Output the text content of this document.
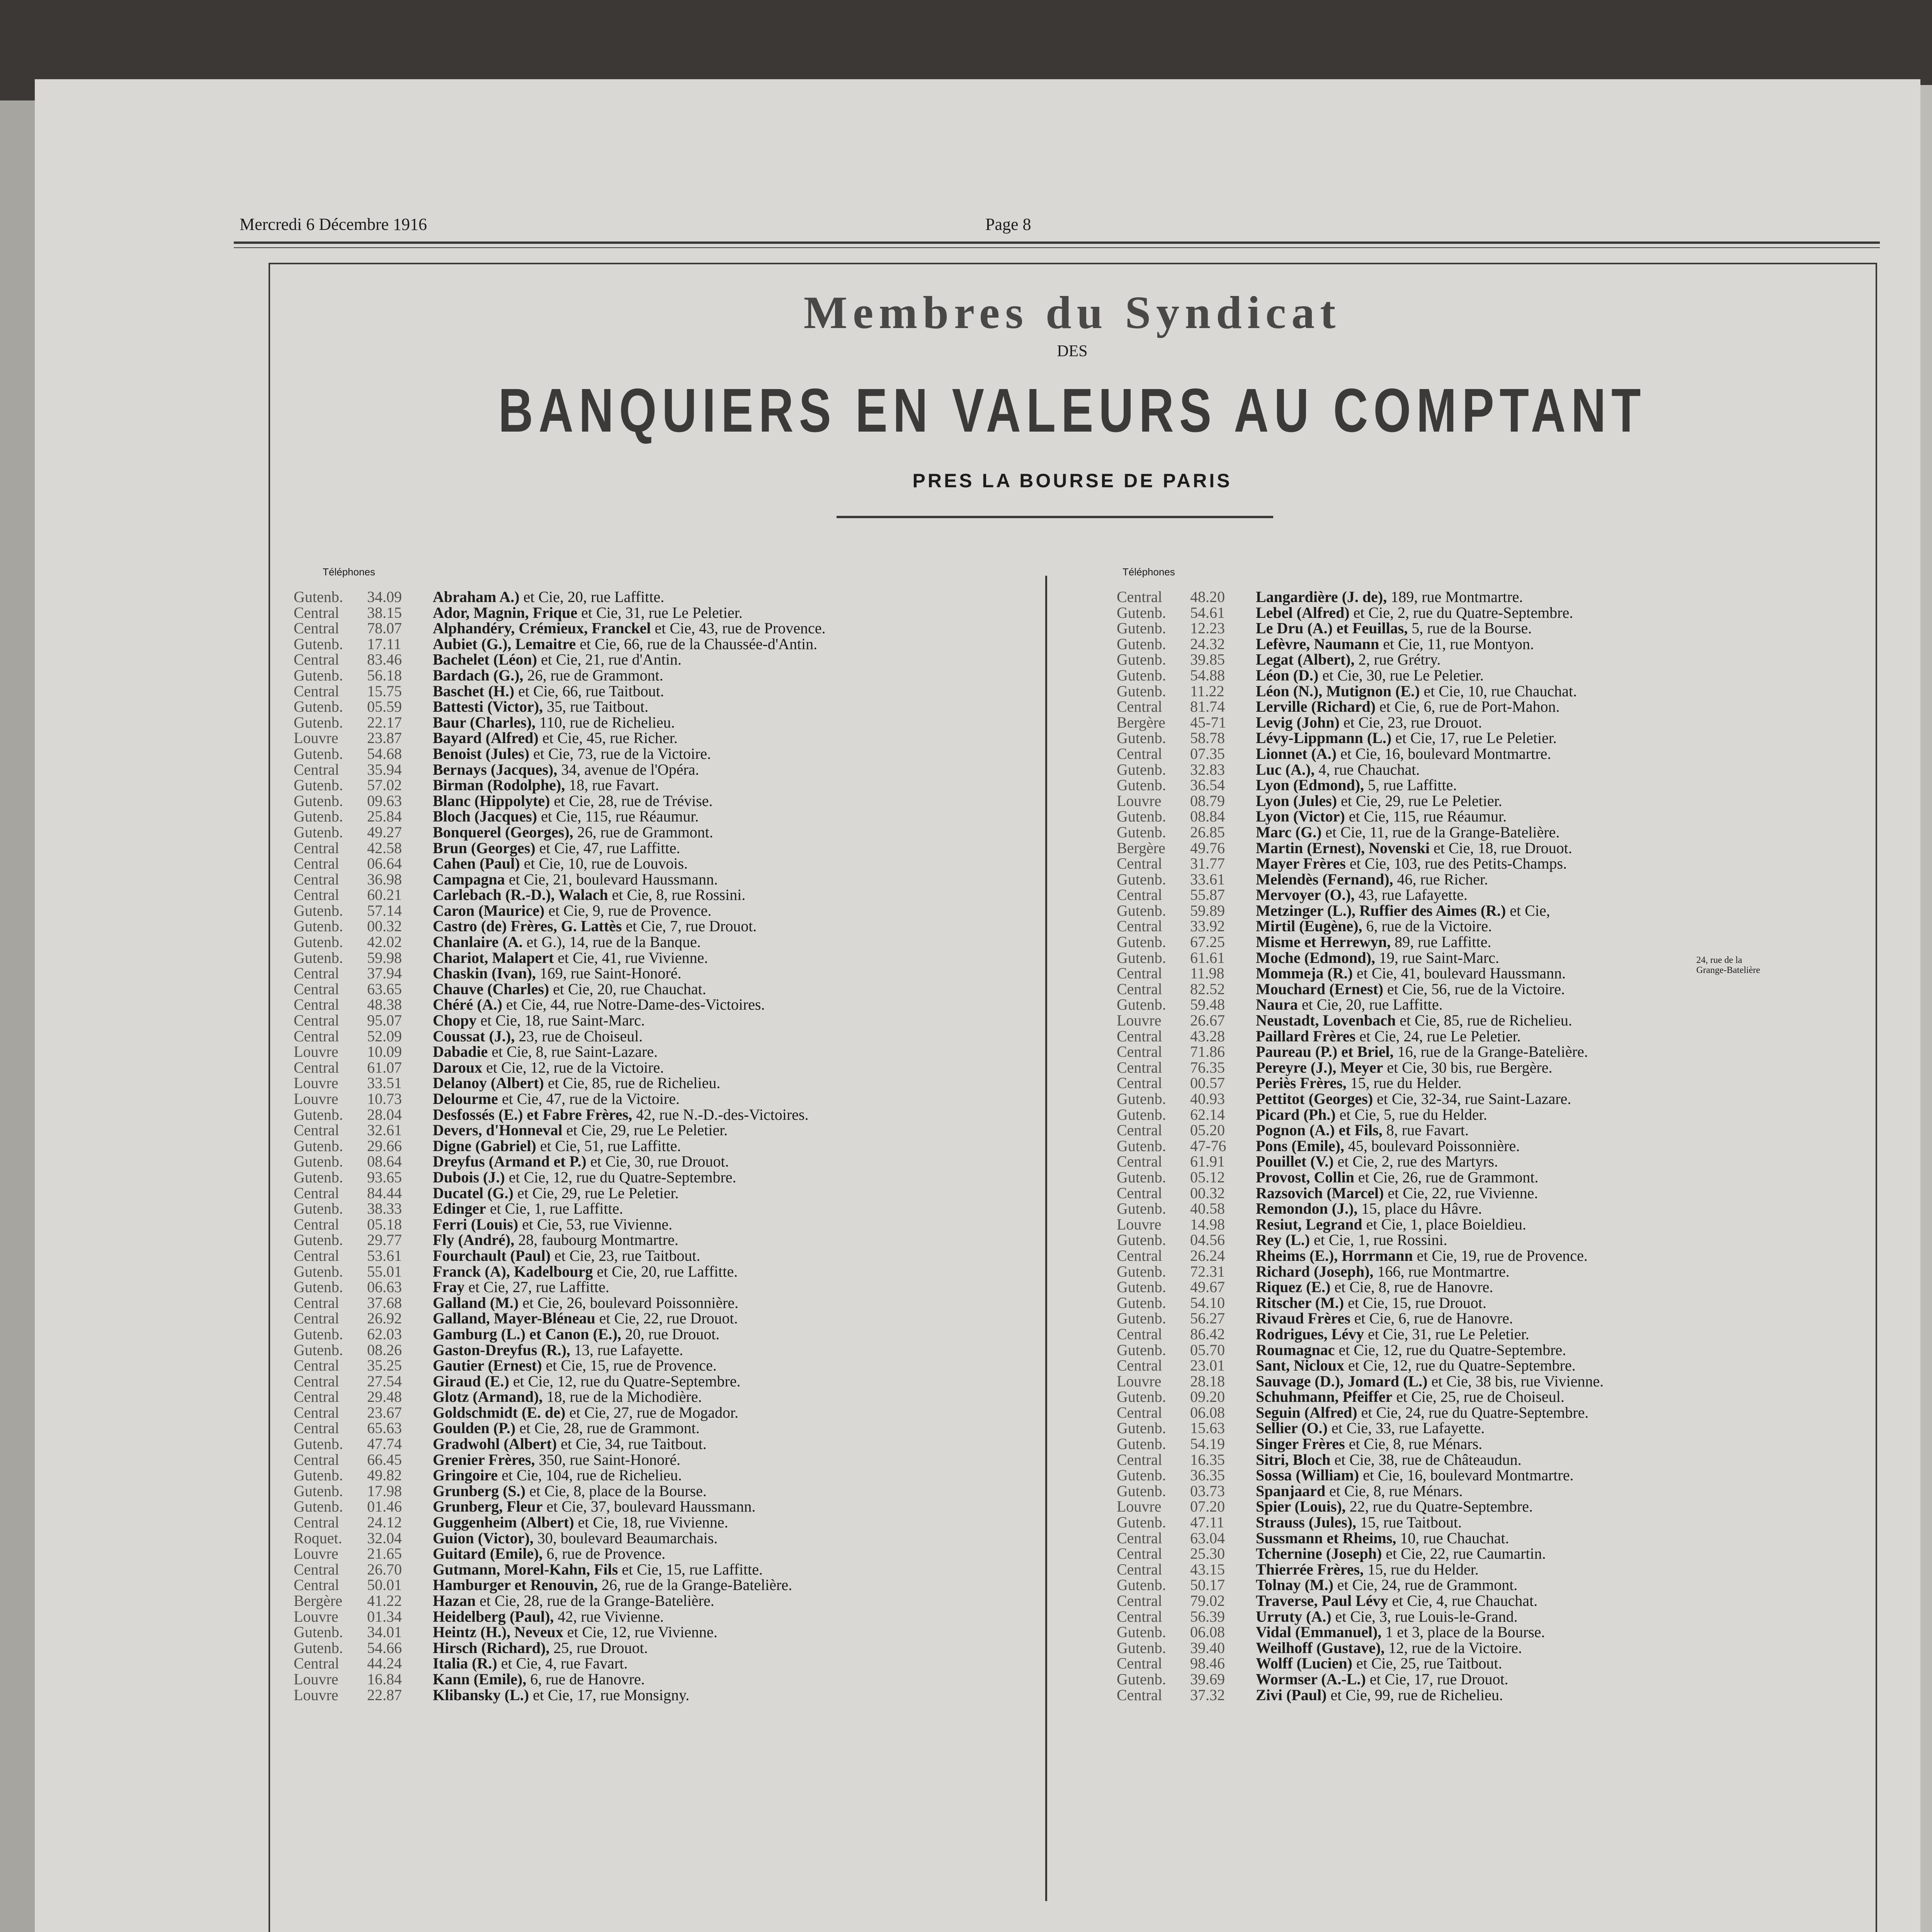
Mercredi 6 Décembre 1916	Page 8
Membres du Syndicat
DES
BANQUIERS EN VALEURS AU COMPTANT
PRES LA BOURSE DE PARIS
Téléphones	Téléphones
Gutenb. 34.09 Abraham A.) et Cie, 20, rue Laffitte.
Central 38.15 Ador, Magnin, Frique et Cie, 31, rue Le Peletier.
Central 78.07 Alphandéry, Crémieux, Franckel et Cie, 43, rue de Provence.
Gutenb. 17.11 Aubiet (G.), Lemaitre et Cie, 66, rue de la Chaussée-d'Antin.
Central 83.46 Bachelet (Léon) et Cie, 21, rue d'Antin.
Gutenb. 56.18 Bardach (G.), 26, rue de Grammont.
Central 15.75 Baschet (H.) et Cie, 66, rue Taitbout.
Gutenb. 05.59 Battesti (Victor), 35, rue Taitbout.
Gutenb. 22.17 Baur (Charles), 110, rue de Richelieu.
Louvre 23.87 Bayard (Alfred) et Cie, 45, rue Richer.
Gutenb. 54.68 Benoist (Jules) et Cie, 73, rue de la Victoire.
Central 35.94 Bernays (Jacques), 34, avenue de l'Opéra.
Gutenb. 57.02 Birman (Rodolphe), 18, rue Favart.
Gutenb. 09.63 Blanc (Hippolyte) et Cie, 28, rue de Trévise.
Gutenb. 25.84 Bloch (Jacques) et Cie, 115, rue Réaumur.
Gutenb. 49.27 Bonquerel (Georges), 26, rue de Grammont.
Central 42.58 Brun (Georges) et Cie, 47, rue Laffitte.
Central 06.64 Cahen (Paul) et Cie, 10, rue de Louvois.
Central 36.98 Campagna et Cie, 21, boulevard Haussmann.
Central 60.21 Carlebach (R.-D.), Walach et Cie, 8, rue Rossini.
Gutenb. 57.14 Caron (Maurice) et Cie, 9, rue de Provence.
Gutenb. 00.32 Castro (de) Frères, G. Lattès et Cie, 7, rue Drouot.
Gutenb. 42.02 Chanlaire (A. et G.), 14, rue de la Banque.
Gutenb. 59.98 Chariot, Malapert et Cie, 41, rue Vivienne.
Central 37.94 Chaskin (Ivan), 169, rue Saint-Honoré.
Central 63.65 Chauve (Charles) et Cie, 20, rue Chauchat.
Central 48.38 Chéré (A.) et Cie, 44, rue Notre-Dame-des-Victoires.
Central 95.07 Chopy et Cie, 18, rue Saint-Marc.
Central 52.09 Coussat (J.), 23, rue de Choiseul.
Louvre 10.09 Dabadie et Cie, 8, rue Saint-Lazare.
Central 61.07 Daroux et Cie, 12, rue de la Victoire.
Louvre 33.51 Delanoy (Albert) et Cie, 85, rue de Richelieu.
Louvre 10.73 Delourme et Cie, 47, rue de la Victoire.
Gutenb. 28.04 Desfossés (E.) et Fabre Frères, 42, rue N.-D.-des-Victoires.
Central 32.61 Devers, d'Honneval et Cie, 29, rue Le Peletier.
Gutenb. 29.66 Digne (Gabriel) et Cie, 51, rue Laffitte.
Gutenb. 08.64 Dreyfus (Armand et P.) et Cie, 30, rue Drouot.
Gutenb. 93.65 Dubois (J.) et Cie, 12, rue du Quatre-Septembre.
Central 84.44 Ducatel (G.) et Cie, 29, rue Le Peletier.
Gutenb. 38.33 Edinger et Cie, 1, rue Laffitte.
Central 05.18 Ferri (Louis) et Cie, 53, rue Vivienne.
Gutenb. 29.77 Fly (André), 28, faubourg Montmartre.
Central 53.61 Fourchault (Paul) et Cie, 23, rue Taitbout.
Gutenb. 55.01 Franck (A), Kadelbourg et Cie, 20, rue Laffitte.
Gutenb. 06.63 Fray et Cie, 27, rue Laffitte.
Central 37.68 Galland (M.) et Cie, 26, boulevard Poissonnière.
Central 26.92 Galland, Mayer-Bléneau et Cie, 22, rue Drouot.
Gutenb. 62.03 Gamburg (L.) et Canon (E.), 20, rue Drouot.
Gutenb. 08.26 Gaston-Dreyfus (R.), 13, rue Lafayette.
Central 35.25 Gautier (Ernest) et Cie, 15, rue de Provence.
Central 27.54 Giraud (E.) et Cie, 12, rue du Quatre-Septembre.
Central 29.48 Glotz (Armand), 18, rue de la Michodière.
Central 23.67 Goldschmidt (E. de) et Cie, 27, rue de Mogador.
Central 65.63 Goulden (P.) et Cie, 28, rue de Grammont.
Gutenb. 47.74 Gradwohl (Albert) et Cie, 34, rue Taitbout.
Central 66.45 Grenier Frères, 350, rue Saint-Honoré.
Gutenb. 49.82 Gringoire et Cie, 104, rue de Richelieu.
Gutenb. 17.98 Grunberg (S.) et Cie, 8, place de la Bourse.
Gutenb. 01.46 Grunberg, Fleur et Cie, 37, boulevard Haussmann.
Central 24.12 Guggenheim (Albert) et Cie, 18, rue Vivienne.
Roquet. 32.04 Guion (Victor), 30, boulevard Beaumarchais.
Louvre 21.65 Guitard (Emile), 6, rue de Provence.
Central 26.70 Gutmann, Morel-Kahn, Fils et Cie, 15, rue Laffitte.
Central 50.01 Hamburger et Renouvin, 26, rue de la Grange-Batelière.
Bergère 41.22 Hazan et Cie, 28, rue de la Grange-Batelière.
Louvre 01.34 Heidelberg (Paul), 42, rue Vivienne.
Gutenb. 34.01 Heintz (H.), Neveux et Cie, 12, rue Vivienne.
Gutenb. 54.66 Hirsch (Richard), 25, rue Drouot.
Central 44.24 Italia (R.) et Cie, 4, rue Favart.
Louvre 16.84 Kann (Emile), 6, rue de Hanovre.
Louvre 22.87 Klibansky (L.) et Cie, 17, rue Monsigny.
Central 48.20 Langardière (J. de), 189, rue Montmartre.
Gutenb. 54.61 Lebel (Alfred) et Cie, 2, rue du Quatre-Septembre.
Gutenb. 12.23 Le Dru (A.) et Feuillas, 5, rue de la Bourse.
Gutenb. 24.32 Lefèvre, Naumann et Cie, 11, rue Montyon.
Gutenb. 39.85 Legat (Albert), 2, rue Grétry.
Gutenb. 54.88 Léon (D.) et Cie, 30, rue Le Peletier.
Gutenb. 11.22 Léon (N.), Mutignon (E.) et Cie, 10, rue Chauchat.
Central 81.74 Lerville (Richard) et Cie, 6, rue de Port-Mahon.
Bergère 45-71 Levig (John) et Cie, 23, rue Drouot.
Gutenb. 58.78 Lévy-Lippmann (L.) et Cie, 17, rue Le Peletier.
Central 07.35 Lionnet (A.) et Cie, 16, boulevard Montmartre.
Gutenb. 32.83 Luc (A.), 4, rue Chauchat.
Gutenb. 36.54 Lyon (Edmond), 5, rue Laffitte.
Louvre 08.79 Lyon (Jules) et Cie, 29, rue Le Peletier.
Gutenb. 08.84 Lyon (Victor) et Cie, 115, rue Réaumur.
Gutenb. 26.85 Marc (G.) et Cie, 11, rue de la Grange-Batelière.
Bergère 49.76 Martin (Ernest), Novenski et Cie, 18, rue Drouot.
Central 31.77 Mayer Frères et Cie, 103, rue des Petits-Champs.
Gutenb. 33.61 Melendès (Fernand), 46, rue Richer.
Central 55.87 Mervoyer (O.), 43, rue Lafayette.
Gutenb. 59.89 Metzinger (L.), Ruffier des Aimes (R.) et Cie,
Central 33.92 Mirtil (Eugène), 6, rue de la Victoire.
Gutenb. 67.25 Misme et Herrewyn, 89, rue Laffitte.
Gutenb. 61.61 Moche (Edmond), 19, rue Saint-Marc.
Central 11.98 Mommeja (R.) et Cie, 41, boulevard Haussmann.
Central 82.52 Mouchard (Ernest) et Cie, 56, rue de la Victoire.
Gutenb. 59.48 Naura et Cie, 20, rue Laffitte.
Louvre 26.67 Neustadt, Lovenbach et Cie, 85, rue de Richelieu.
Central 43.28 Paillard Frères et Cie, 24, rue Le Peletier.
Central 71.86 Paureau (P.) et Briel, 16, rue de la Grange-Batelière.
Central 76.35 Pereyre (J.), Meyer et Cie, 30 bis, rue Bergère.
Central 00.57 Periès Frères, 15, rue du Helder.
Gutenb. 40.93 Pettitot (Georges) et Cie, 32-34, rue Saint-Lazare.
Gutenb. 62.14 Picard (Ph.) et Cie, 5, rue du Helder.
Central 05.20 Pognon (A.) et Fils, 8, rue Favart.
Gutenb. 47-76 Pons (Emile), 45, boulevard Poissonnière.
Central 61.91 Pouillet (V.) et Cie, 2, rue des Martyrs.
Gutenb. 05.12 Provost, Collin et Cie, 26, rue de Grammont.
Central 00.32 Razsovich (Marcel) et Cie, 22, rue Vivienne.
Gutenb. 40.58 Remondon (J.), 15, place du Hâvre.
Louvre 14.98 Resiut, Legrand et Cie, 1, place Boieldieu.
Gutenb. 04.56 Rey (L.) et Cie, 1, rue Rossini.
Central 26.24 Rheims (E.), Horrmann et Cie, 19, rue de Provence.
Gutenb. 72.31 Richard (Joseph), 166, rue Montmartre.
Gutenb. 49.67 Riquez (E.) et Cie, 8, rue de Hanovre.
Gutenb. 54.10 Ritscher (M.) et Cie, 15, rue Drouot.
Gutenb. 56.27 Rivaud Frères et Cie, 6, rue de Hanovre.
Central 86.42 Rodrigues, Lévy et Cie, 31, rue Le Peletier.
Gutenb. 05.70 Roumagnac et Cie, 12, rue du Quatre-Septembre.
Central 23.01 Sant, Nicloux et Cie, 12, rue du Quatre-Septembre.
Louvre 28.18 Sauvage (D.), Jomard (L.) et Cie, 38 bis, rue Vivienne.
Gutenb. 09.20 Schuhmann, Pfeiffer et Cie, 25, rue de Choiseul.
Central 06.08 Seguin (Alfred) et Cie, 24, rue du Quatre-Septembre.
Gutenb. 15.63 Sellier (O.) et Cie, 33, rue Lafayette.
Gutenb. 54.19 Singer Frères et Cie, 8, rue Ménars.
Central 16.35 Sitri, Bloch et Cie, 38, rue de Châteaudun.
Gutenb. 36.35 Sossa (William) et Cie, 16, boulevard Montmartre.
Gutenb. 03.73 Spanjaard et Cie, 8, rue Ménars.
Louvre 07.20 Spier (Louis), 22, rue du Quatre-Septembre.
Gutenb. 47.11 Strauss (Jules), 15, rue Taitbout.
Central 63.04 Sussmann et Rheims, 10, rue Chauchat.
Central 25.30 Tchernine (Joseph) et Cie, 22, rue Caumartin.
Central 43.15 Thierrée Frères, 15, rue du Helder.
Gutenb. 50.17 Tolnay (M.) et Cie, 24, rue de Grammont.
Central 79.02 Traverse, Paul Lévy et Cie, 4, rue Chauchat.
Central 56.39 Urruty (A.) et Cie, 3, rue Louis-le-Grand.
Gutenb. 06.08 Vidal (Emmanuel), 1 et 3, place de la Bourse.
Gutenb. 39.40 Weilhoff (Gustave), 12, rue de la Victoire.
Central 98.46 Wolff (Lucien) et Cie, 25, rue Taitbout.
Gutenb. 39.69 Wormser (A.-L.) et Cie, 17, rue Drouot.
Central 37.32 Zivi (Paul) et Cie, 99, rue de Richelieu.
24, rue de la Grange-Batelière
